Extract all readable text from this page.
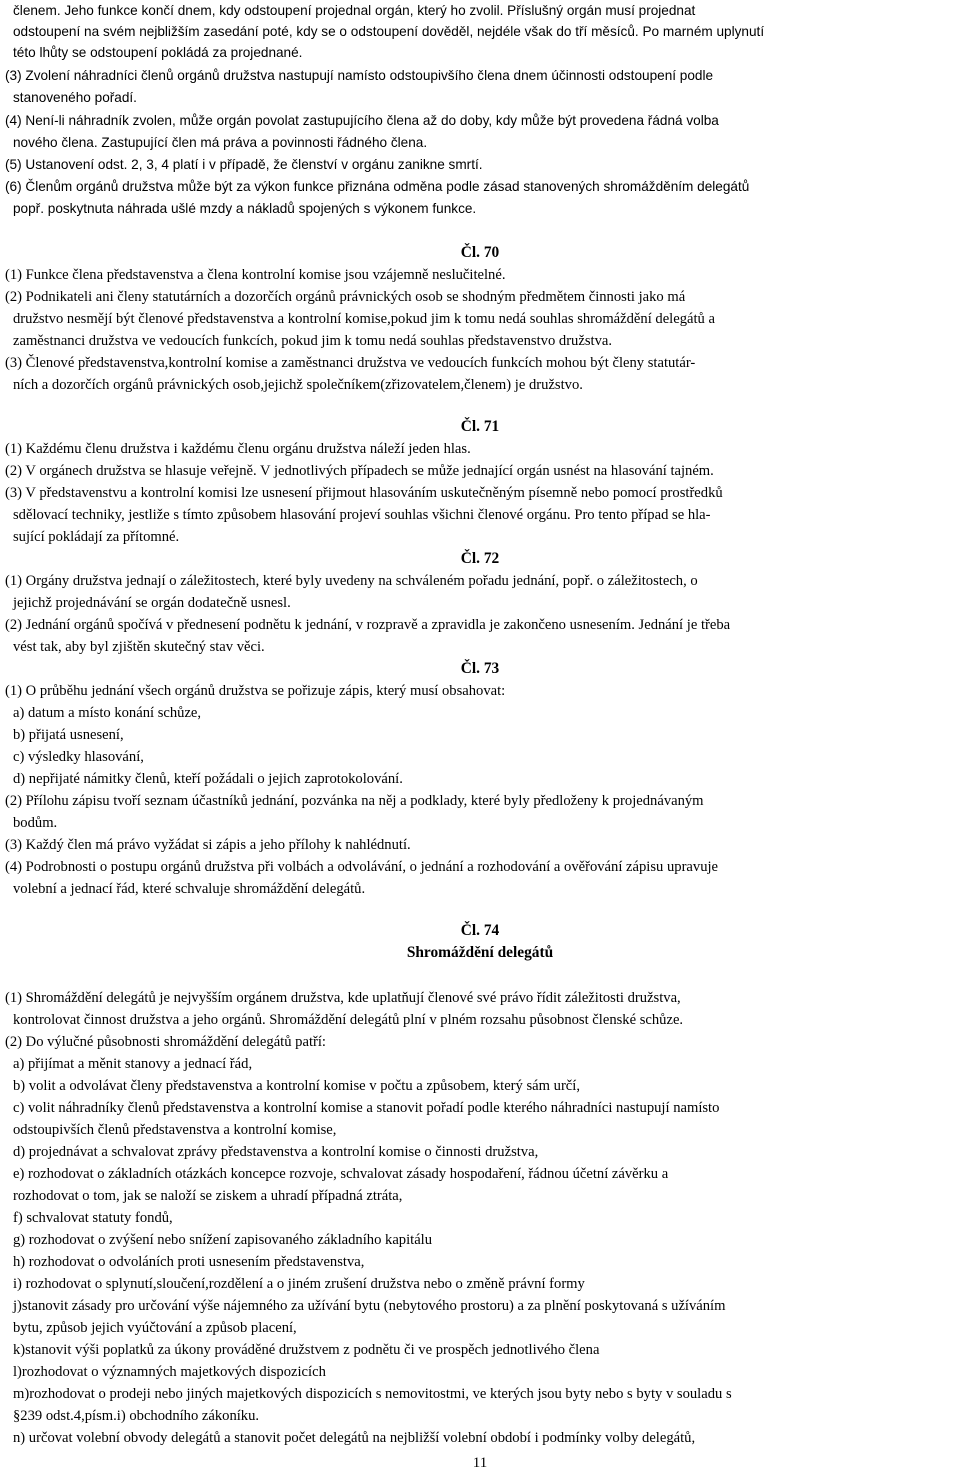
11
členem. Jeho funkce končí dnem, kdy odstoupení projednal orgán, který ho zvolil. Příslušný orgán musí projednat
odstoupení na svém nejbližším zasedání poté, kdy se o odstoupení dověděl, nejdéle však do tří měsíců. Po marném uplynutí
této lhůty se odstoupení pokládá za projednané.
(3) Zvolení náhradníci členů orgánů družstva nastupují namísto odstoupivšího člena dnem účinnosti odstoupení podle
stanoveného pořadí.
(4) Není-li náhradník zvolen, může orgán povolat zastupujícího člena až do doby, kdy může být provedena řádná volba
nového člena. Zastupující člen má práva a povinnosti řádného člena.
(5) Ustanovení odst. 2, 3, 4 platí i v případě, že členství v orgánu zanikne smrtí.
(6) Členům orgánů družstva může být za výkon funkce přiznána odměna podle zásad stanovených shromážděním delegátů
popř. poskytnuta náhrada ušlé mzdy a nákladů spojených s výkonem funkce.
Čl. 70
(1) Funkce člena představenstva a člena kontrolní komise jsou vzájemně neslučitelné.
(2) Podnikateli ani členy statutárních a dozorčích orgánů právnických osob se shodným předmětem činnosti jako má
družstvo nesmějí být členové představenstva a kontrolní komise,pokud jim k tomu nedá souhlas shromáždění delegátů a
zaměstnanci družstva ve vedoucích funkcích, pokud jim k tomu nedá souhlas představenstvo družstva.
(3) Členové představenstva,kontrolní komise a zaměstnanci družstva ve vedoucích funkcích mohou být členy statutár-
ních a dozorčích orgánů právnických osob,jejichž společníkem(zřizovatelem,členem) je družstvo.
Čl. 71
(1) Každému členu družstva i každému členu orgánu družstva náleží jeden hlas.
(2) V orgánech družstva se hlasuje veřejně. V jednotlivých případech se může jednající orgán usnést na hlasování tajném.
(3) V představenstvu a kontrolní komisi lze usnesení přijmout hlasováním uskutečněným písemně nebo pomocí prostředků
sdělovací techniky, jestliže s tímto způsobem hlasování projeví souhlas všichni členové orgánu. Pro tento případ se hla-
sující pokládají za přítomné.
Čl. 72
(1) Orgány družstva jednají o záležitostech, které byly uvedeny na schváleném pořadu jednání, popř. o záležitostech, o
jejichž projednávání se orgán dodatečně usnesl.
(2) Jednání orgánů spočívá v přednesení podnětu k jednání, v rozpravě a zpravidla je zakončeno usnesením. Jednání je třeba
vést tak, aby byl zjištěn skutečný stav věci.
Čl. 73
(1) O průběhu jednání všech orgánů družstva se pořizuje zápis, který musí obsahovat:
a) datum a místo konání schůze,
b) přijatá usnesení,
c) výsledky hlasování,
d) nepřijaté námitky členů, kteří požádali o jejich zaprotokolování.
(2) Přílohu zápisu tvoří seznam účastníků jednání, pozvánka na něj a podklady, které byly předloženy k projednávaným
bodům.
(3) Každý člen má právo vyžádat si zápis a jeho přílohy k nahlédnutí.
(4) Podrobnosti o postupu orgánů družstva při volbách a odvolávání, o jednání a rozhodování a ověřování zápisu upravuje
volební a jednací řád, které schvaluje shromáždění delegátů.
Čl. 74
Shromáždění delegátů
(1) Shromáždění delegátů je nejvyšším orgánem družstva, kde uplatňují členové své právo řídit záležitosti družstva,
kontrolovat činnost družstva a jeho orgánů. Shromáždění delegátů plní v plném rozsahu působnost členské schůze.
(2) Do výlučné působnosti shromáždění delegátů patří:
a) přijímat a měnit stanovy a jednací řád,
b) volit a odvolávat členy představenstva a kontrolní komise v počtu a způsobem, který sám určí,
c) volit náhradníky členů představenstva a kontrolní komise a stanovit pořadí podle kterého náhradníci nastupují namísto
odstoupivších členů představenstva a kontrolní komise,
d) projednávat a schvalovat zprávy představenstva a kontrolní komise o činnosti družstva,
e) rozhodovat o základních otázkách koncepce rozvoje, schvalovat zásady hospodaření, řádnou účetní závěrku a
rozhodovat o tom, jak se naloží se ziskem a uhradí případná ztráta,
f) schvalovat statuty fondů,
g) rozhodovat o zvýšení nebo snížení zapisovaného základního kapitálu
h) rozhodovat o odvoláních proti usnesením představenstva,
i) rozhodovat o splynutí,sloučení,rozdělení a o jiném zrušení družstva nebo o změně právní formy
j)stanovit zásady pro určování výše nájemného za užívání bytu (nebytového prostoru) a za plnění poskytovaná s užíváním
bytu, způsob jejich vyúčtování a způsob placení,
k)stanovit výši poplatků za úkony prováděné družstvem z podnětu či ve prospěch jednotlivého člena
l)rozhodovat o významných majetkových dispozicích
m)rozhodovat o prodeji nebo jiných majetkových dispozicích s nemovitostmi, ve kterých jsou byty nebo s byty v souladu s
§239 odst.4,písm.i) obchodního zákoníku.
n) určovat volební obvody delegátů a stanovit počet delegátů na nejbližší volební období i podmínky volby delegátů,
